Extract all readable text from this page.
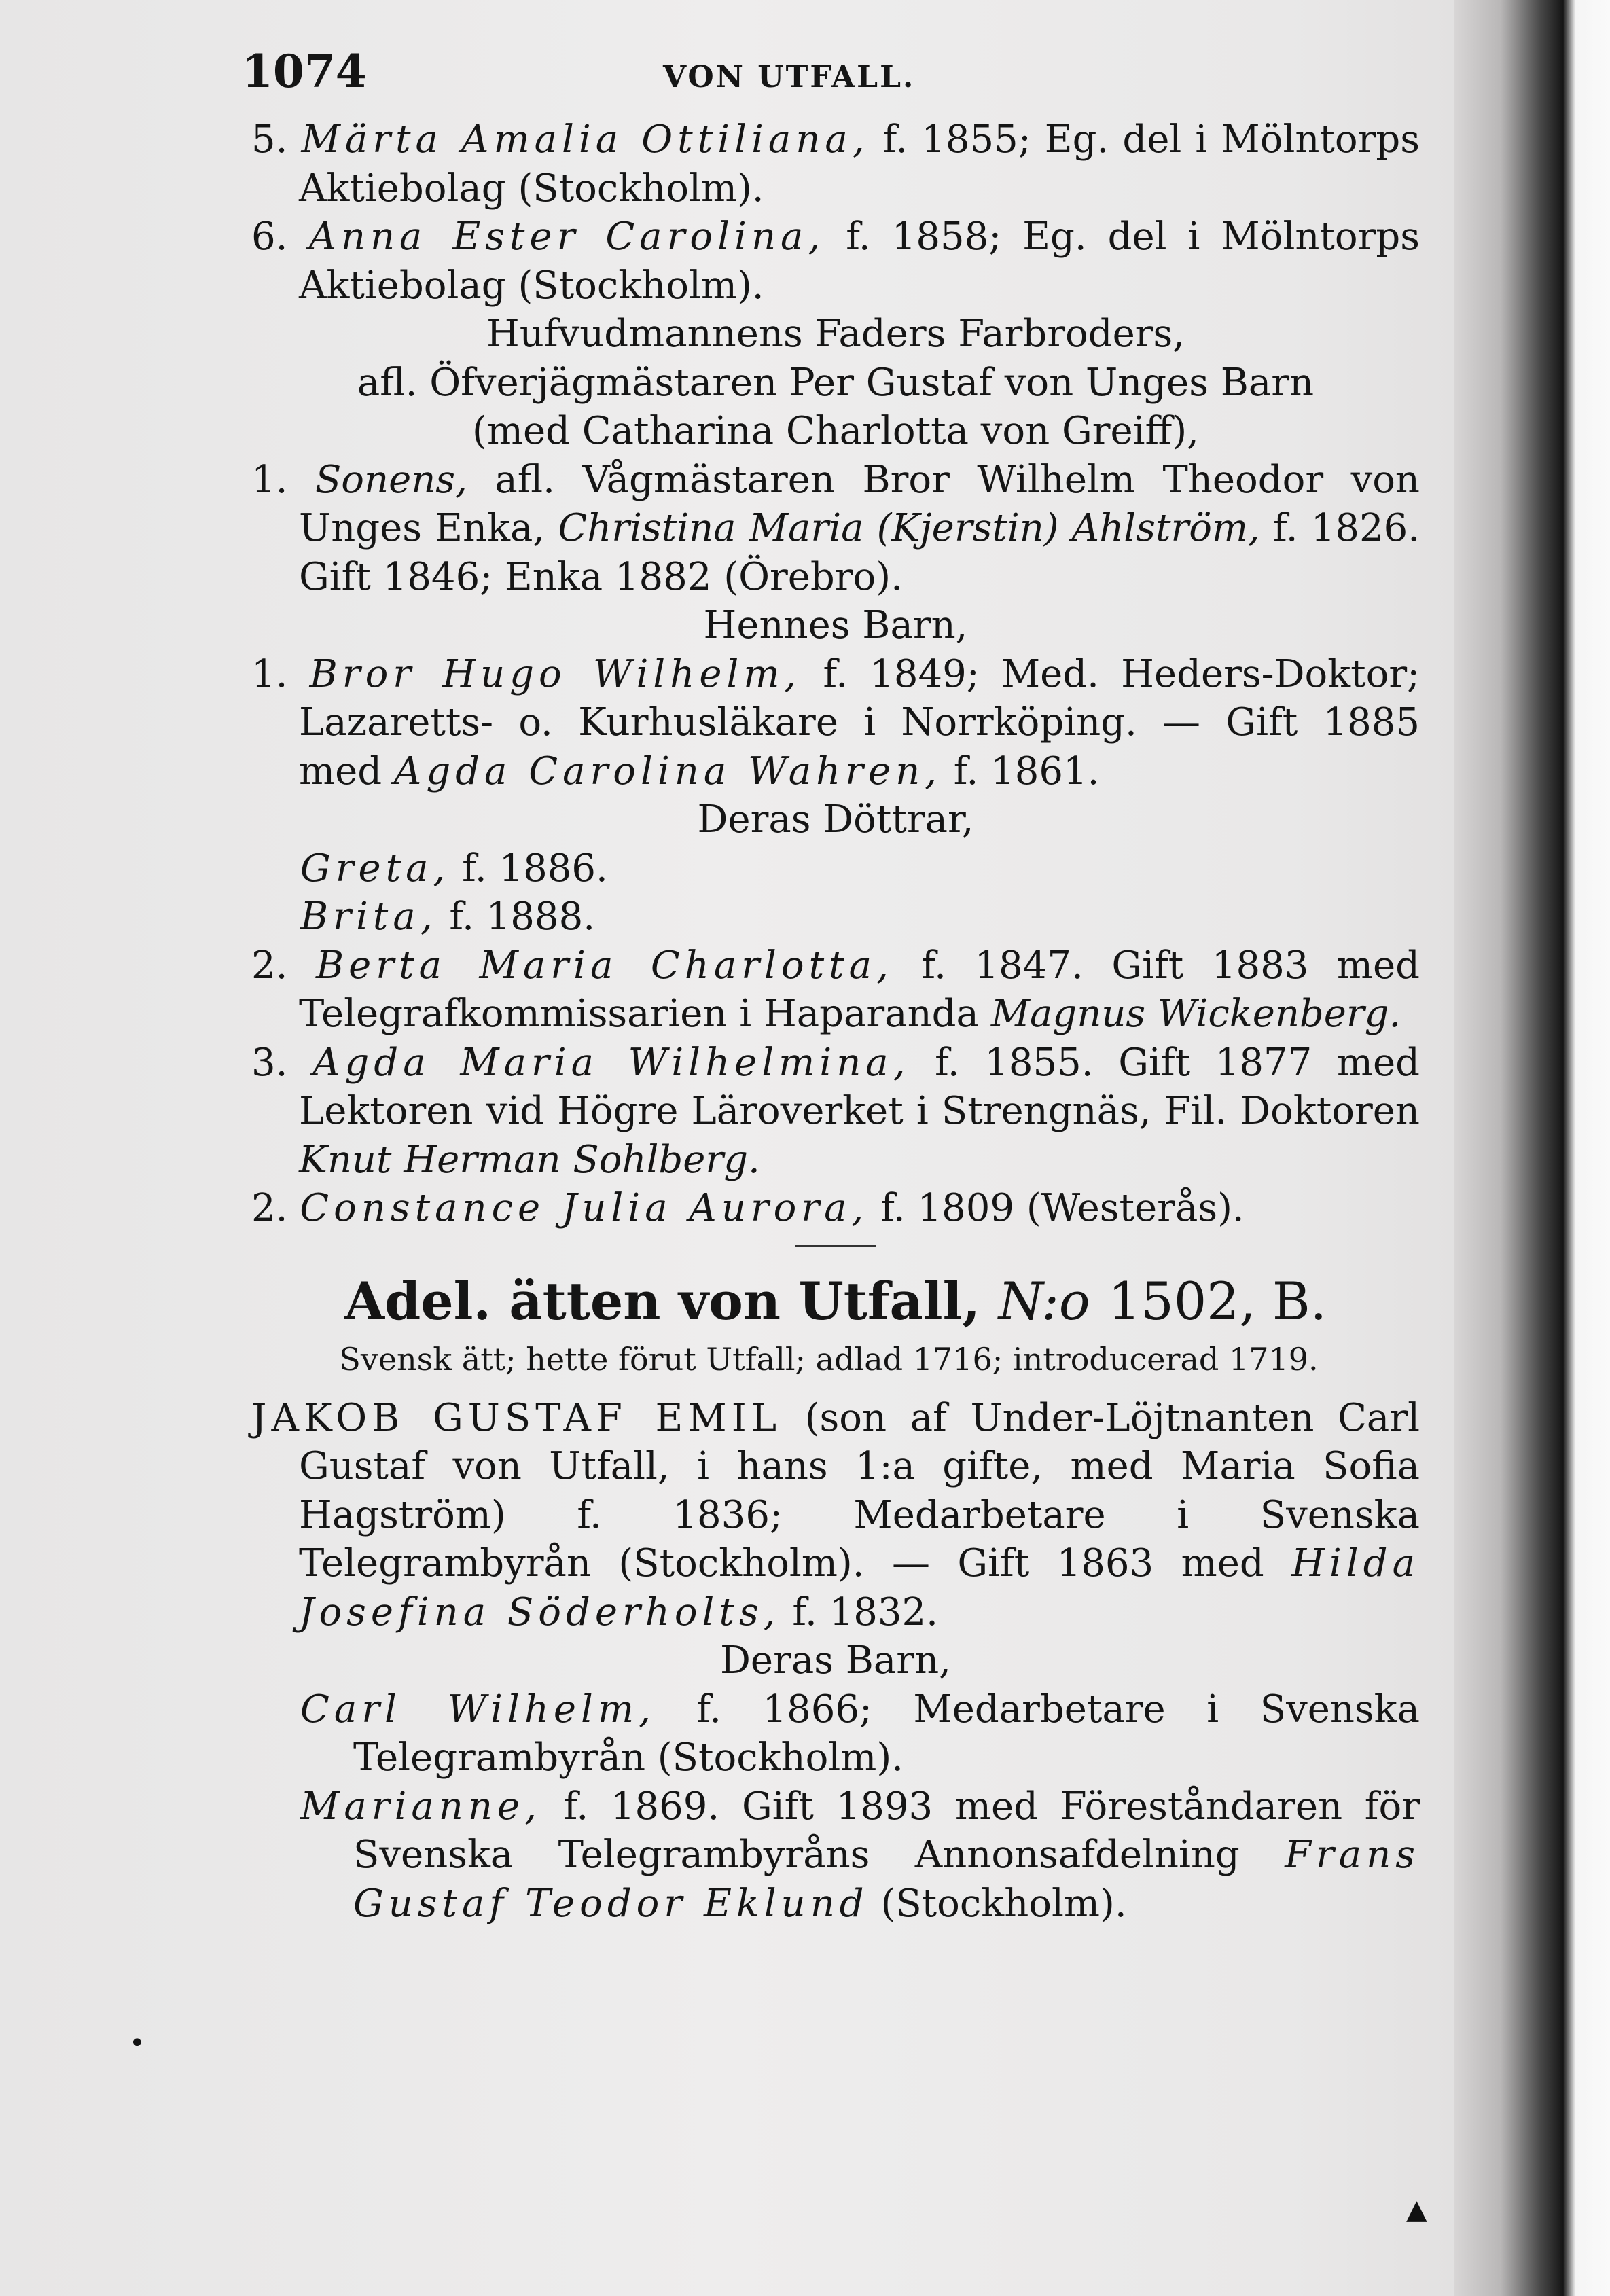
1074	VON UTFALL.
5. Märta Amalia Ottiliana, f. 1855; Eg. del i Mölntorps Aktiebolag (Stockholm).
6. Anna Ester Carolina, f. 1858; Eg. del i Mölntorps Aktiebolag (Stockholm).
Hufvudmannens Faders Farbroders,
afl. Öfverjägmästaren Per Gustaf von Unges Barn
(med Catharina Charlotta von Greiff),
1. Sonens, afl. Vågmästaren Bror Wilhelm Theodor von Unges Enka, Christina Maria (Kjerstin) Ahlström, f. 1826. Gift 1846; Enka 1882 (Örebro).
Hennes Barn,
1. Bror Hugo Wilhelm, f. 1849; Med. Heders-Doktor; Lazaretts- o. Kurhusläkare i Norrköping. — Gift 1885 med Agda Carolina Wahren, f. 1861.
Deras Döttrar,
Greta, f. 1886.
Brita, f. 1888.
2. Berta Maria Charlotta, f. 1847. Gift 1883 med Telegrafkommissarien i Haparanda Magnus Wickenberg.
3. Agda Maria Wilhelmina, f. 1855. Gift 1877 med Lektoren vid Högre Läroverket i Strengnäs, Fil. Doktoren Knut Herman Sohlberg.
2. Constance Julia Aurora, f. 1809 (Westerås).
Adel. ätten von Utfall, N:o 1502, B.
Svensk ätt; hette förut Utfall; adlad 1716; introducerad 1719.
JAKOB GUSTAF EMIL (son af Under-Löjtnanten Carl Gustaf von Utfall, i hans 1:a gifte, med Maria Sofia Hagström) f. 1836; Medarbetare i Svenska Telegrambyrån (Stockholm). — Gift 1863 med Hilda Josefina Söderholts, f. 1832.
Deras Barn,
Carl Wilhelm, f. 1866; Medarbetare i Svenska Telegrambyrån (Stockholm).
Marianne, f. 1869. Gift 1893 med Föreståndaren för Svenska Telegrambyråns Annonsafdelning Frans Gustaf Teodor Eklund (Stockholm).
•
▲
